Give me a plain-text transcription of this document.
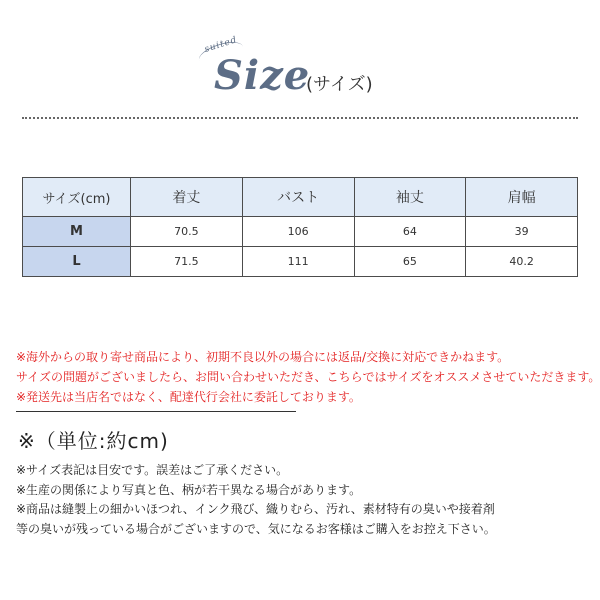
suited
Size
(サイズ)
サイズ(cm)	着丈	バスト	袖丈	肩幅
M	70.5	106	64	39
L	71.5	111	65	40.2
※海外からの取り寄せ商品により、初期不良以外の場合には返品/交換に対応できかねます。
サイズの問題がございましたら、お問い合わせいただき、こちらではサイズをオススメさせていただきます。
※発送先は当店名ではなく、配達代行会社に委託しております。
※（単位:約cm)
※サイズ表記は目安です。誤差はご了承ください。
※生産の関係により写真と色、柄が若干異なる場合があります。
※商品は縫製上の細かいほつれ、インク飛び、織りむら、汚れ、素材特有の臭いや接着剤
等の臭いが残っている場合がございますので、気になるお客様はご購入をお控え下さい。
